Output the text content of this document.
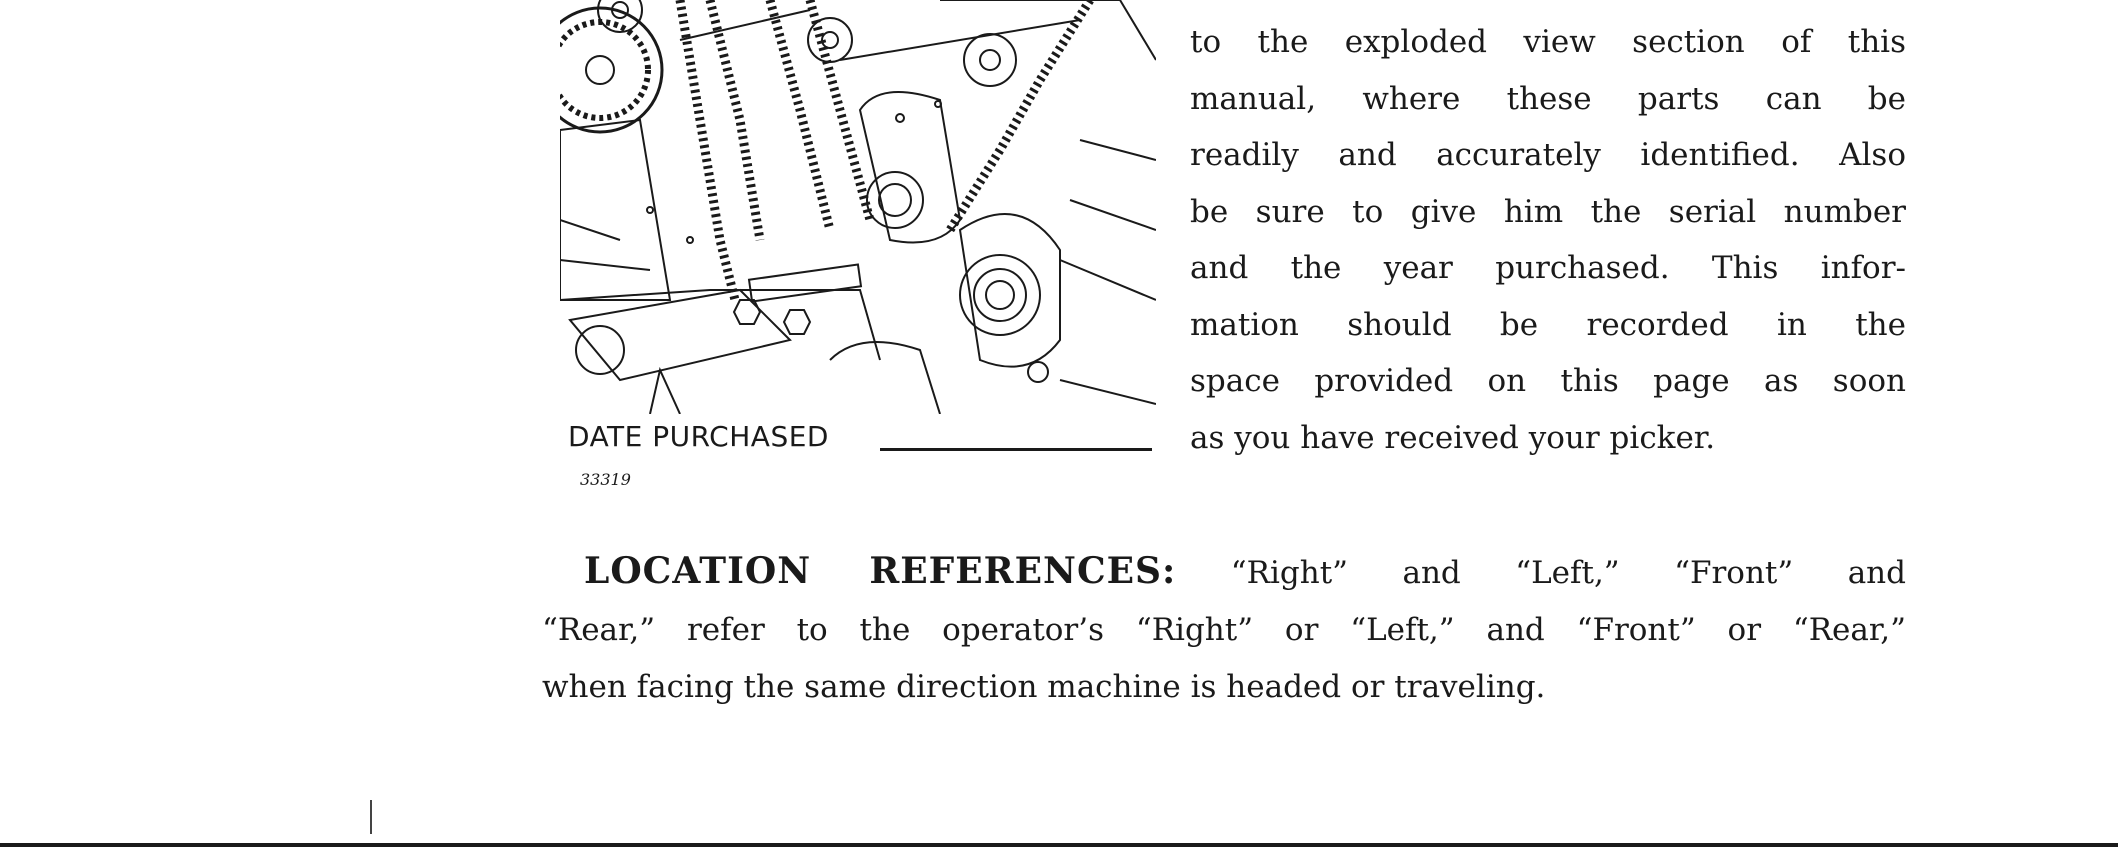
DATE PURCHASED
33319
to the exploded view section of this
manual, where these parts can be
readily and accurately identified. Also
be sure to give him the serial number
and the year purchased. This infor-
mation should be recorded in the
space provided on this page as soon
as you have received your picker.
LOCATION REFERENCES: “Right” and “Left,” “Front” and
“Rear,” refer to the operator’s “Right” or “Left,” and “Front” or “Rear,”
when facing the same direction machine is headed or traveling.
